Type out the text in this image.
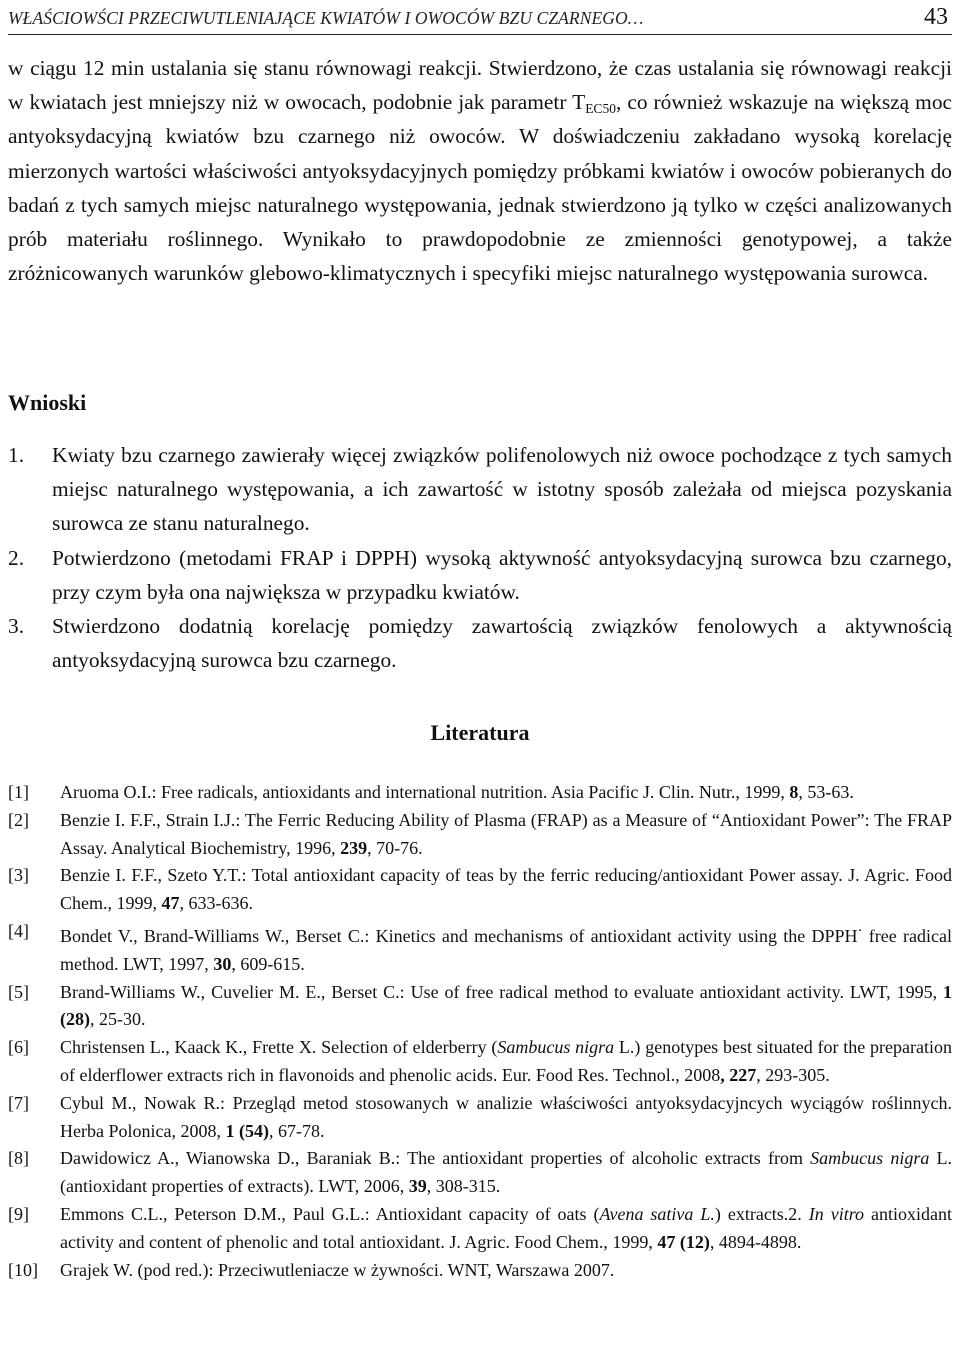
WŁAŚCIOWŚCI PRZECIWUTLENIAJĄCE KWIATÓW I OWOCÓW BZU CZARNEGO…	43

w ciągu 12 min ustalania się stanu równowagi reakcji. Stwierdzono, że czas ustalania się równowagi reakcji w kwiatach jest mniejszy niż w owocach, podobnie jak parametr $T_{EC50}$, co również wskazuje na większą moc antyoksydacyjną kwiatów bzu czarnego niż owoców. W doświadczeniu zakładano wysoką korelację mierzonych wartości właściwości antyoksydacyjnych pomiędzy próbkami kwiatów i owoców pobieranych do badań z tych samych miejsc naturalnego występowania, jednak stwierdzono ją tylko w części analizowanych prób materiału roślinnego. Wynikało to prawdopodobnie ze zmienności genotypowej, a także zróżnicowanych warunków glebowo-klimatycznych i specyfiki miejsc naturalnego występowania surowca.

Wnioski
1.	Kwiaty bzu czarnego zawierały więcej związków polifenolowych niż owoce pochodzące z tych samych miejsc naturalnego występowania, a ich zawartość w istotny sposób zależała od miejsca pozyskania surowca ze stanu naturalnego.
2.	Potwierdzono (metodami FRAP i DPPH) wysoką aktywność antyoksydacyjną surowca bzu czarnego, przy czym była ona największa w przypadku kwiatów.
3.	Stwierdzono dodatnią korelację pomiędzy zawartością związków fenolowych a aktywnością antyoksydacyjną surowca bzu czarnego.
Literatura
[1]	Aruoma O.I.: Free radicals, antioxidants and international nutrition. Asia Pacific J. Clin. Nutr., 1999, 8, 53-63.
[2]	Benzie I. F.F., Strain I.J.: The Ferric Reducing Ability of Plasma (FRAP) as a Measure of “Antioxidant Power”: The FRAP Assay. Analytical Biochemistry, 1996, 239, 70-76.
[3]	Benzie I. F.F., Szeto Y.T.: Total antioxidant capacity of teas by the ferric reducing/antioxidant Power assay. J. Agric. Food Chem., 1999, 47, 633-636.
[4]	Bondet V., Brand-Williams W., Berset C.: Kinetics and mechanisms of antioxidant activity using the DPPH· free radical method. LWT, 1997, 30, 609-615.
[5]	Brand-Williams W., Cuvelier M. E., Berset C.: Use of free radical method to evaluate antioxidant activity. LWT, 1995, 1 (28), 25-30.
[6]	Christensen L., Kaack K., Frette X. Selection of elderberry (Sambucus nigra L.) genotypes best situated for the preparation of elderflower extracts rich in flavonoids and phenolic acids. Eur. Food Res. Technol., 2008, 227, 293-305.
[7]	Cybul M., Nowak R.: Przegląd metod stosowanych w analizie właściwości antyoksydacyjncych wyciągów roślinnych. Herba Polonica, 2008, 1 (54), 67-78.
[8]	Dawidowicz A., Wianowska D., Baraniak B.: The antioxidant properties of alcoholic extracts from Sambucus nigra L. (antioxidant properties of extracts). LWT, 2006, 39, 308-315.
[9]	Emmons C.L., Peterson D.M., Paul G.L.: Antioxidant capacity of oats (Avena sativa L.) extracts.2. In vitro antioxidant activity and content of phenolic and total antioxidant. J. Agric. Food Chem., 1999, 47 (12), 4894-4898.
[10]	Grajek W. (pod red.): Przeciwutleniacze w żywności. WNT, Warszawa 2007.
